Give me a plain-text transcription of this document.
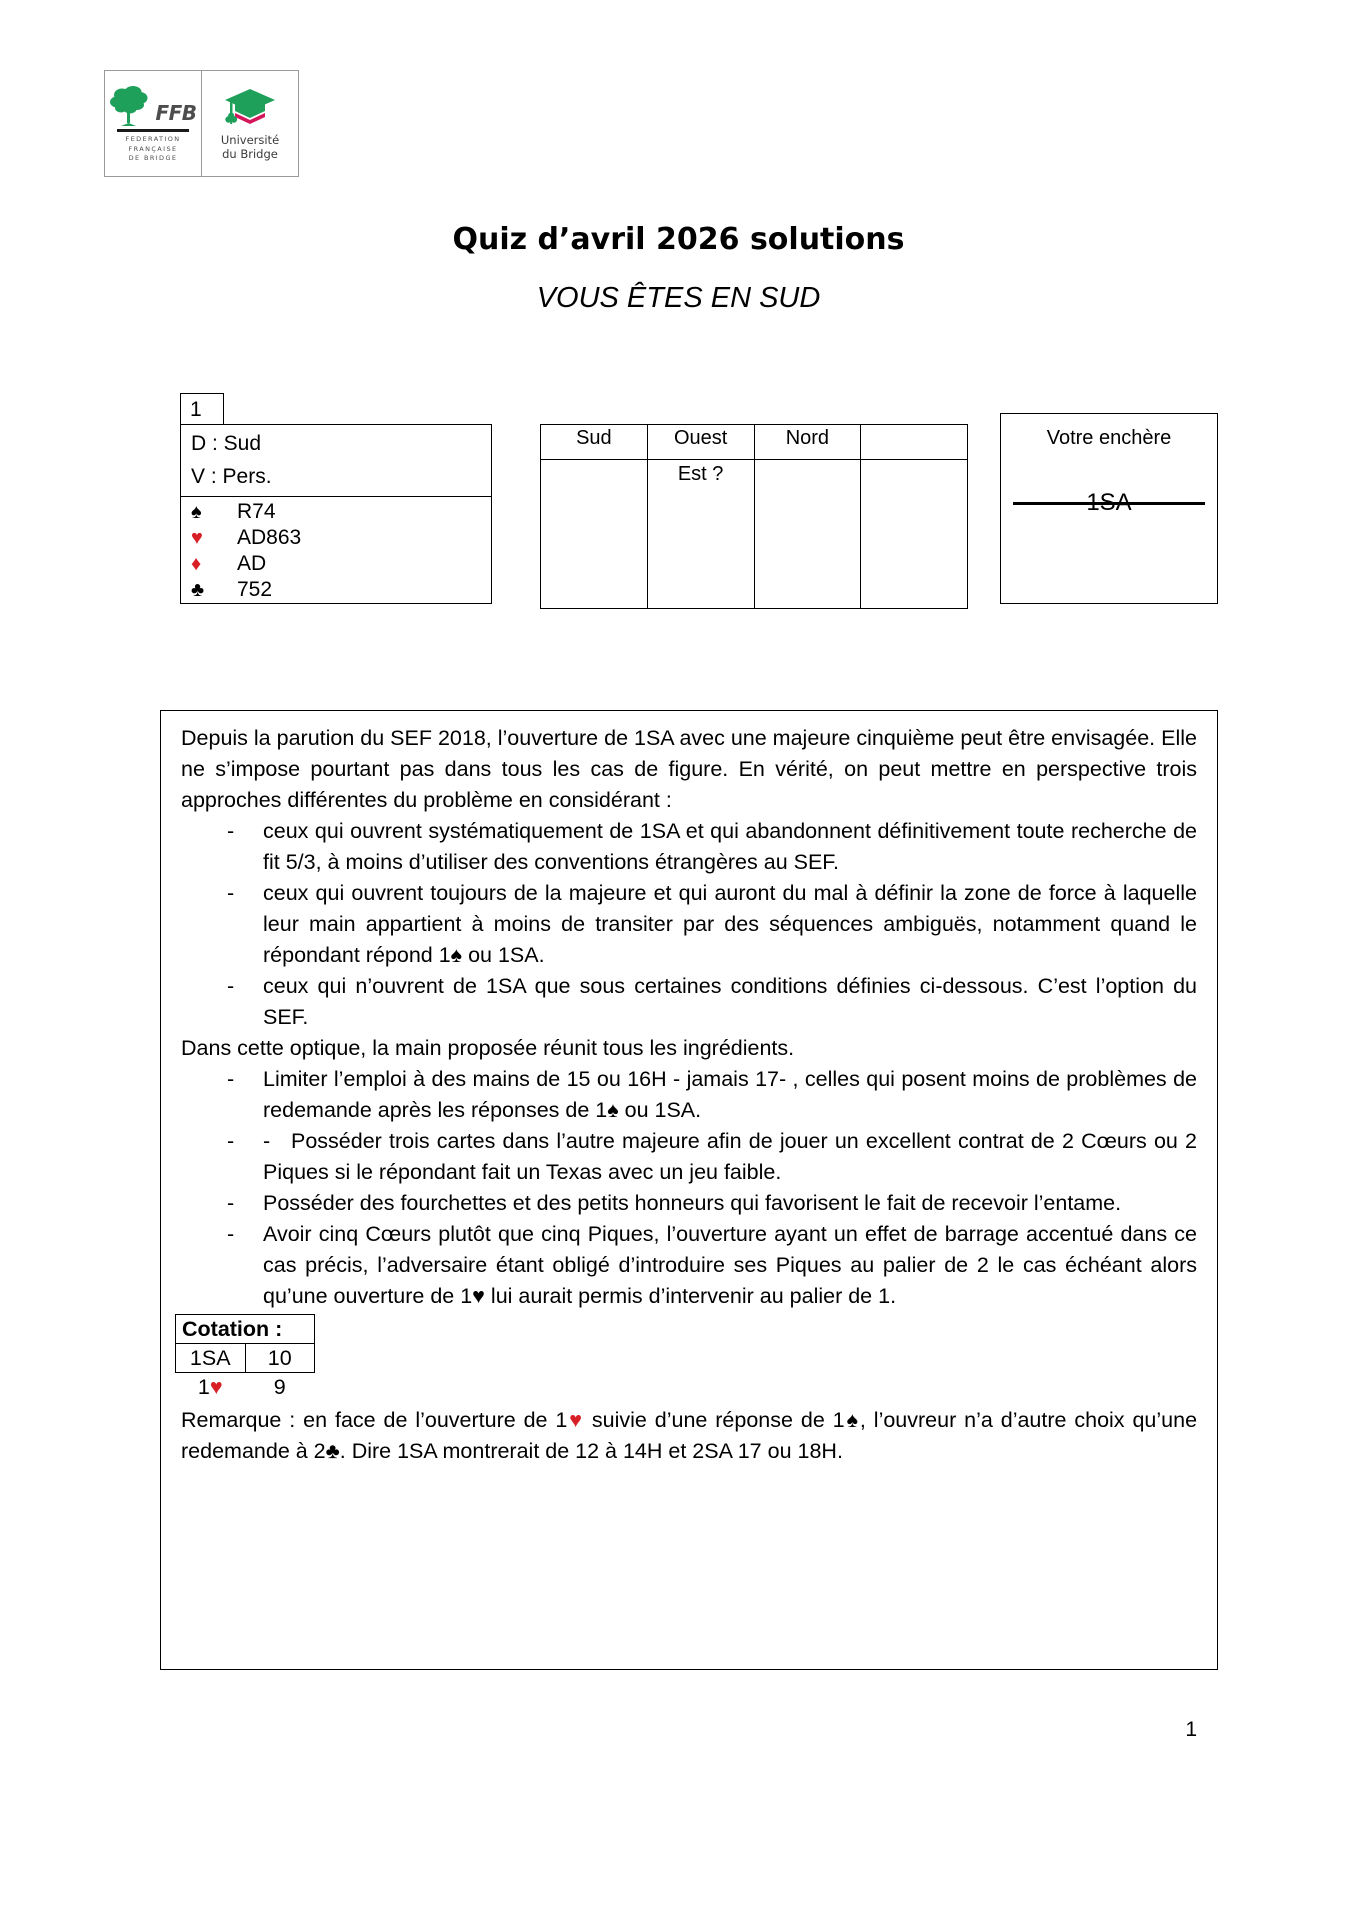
FFB
FEDERATION
FRANÇAISE
DE BRIDGE
Université
du Bridge
Quiz d’avril 2026 solutions
VOUS ÊTES EN SUD
1
D : Sud
V : Pers.
♠	R74
♥	AD863
♦	AD
♣	752
Sud	Ouest	Nord	

	Est ?		

Votre enchère
1SA

Depuis la parution du SEF 2018, l’ouverture de 1SA avec une majeure cinquième peut être envisagée. Elle ne s’impose pourtant pas dans tous les cas de figure. En vérité, on peut mettre en perspective trois approches différentes du problème en considérant :

- ceux qui ouvrent systématiquement de 1SA et qui abandonnent définitivement toute recherche de fit 5/3, à moins d’utiliser des conventions étrangères au SEF.
- ceux qui ouvrent toujours de la majeure et qui auront du mal à définir la zone de force à laquelle leur main appartient à moins de transiter par des séquences ambiguës, notamment quand le répondant répond 1♠ ou 1SA.
- ceux qui n’ouvrent de 1SA que sous certaines conditions définies ci-dessous. C’est l’option du SEF.

Dans cette optique, la main proposée réunit tous les ingrédients.

- Limiter l’emploi à des mains de 15 ou 16H - jamais 17- , celles qui posent moins de problèmes de redemande après les réponses de 1♠ ou 1SA.
- - Posséder trois cartes dans l’autre majeure afin de jouer un excellent contrat de 2 Cœurs ou 2 Piques si le répondant fait un Texas avec un jeu faible.
- Posséder des fourchettes et des petits honneurs qui favorisent le fait de recevoir l’entame.
- Avoir cinq Cœurs plutôt que cinq Piques, l’ouverture ayant un effet de barrage accentué dans ce cas précis, l’adversaire étant obligé d’introduire ses Piques au palier de 2 le cas échéant alors qu’une ouverture de 1♥ lui aurait permis d’intervenir au palier de 1.
Cotation :	
1SA	10
1♥	9
Remarque : en face de l’ouverture de 1♥ suivie d’une réponse de 1♠, l’ouvreur n’a d’autre choix qu’une redemande à 2♣. Dire 1SA montrerait de 12 à 14H et 2SA 17 ou 18H.
1
